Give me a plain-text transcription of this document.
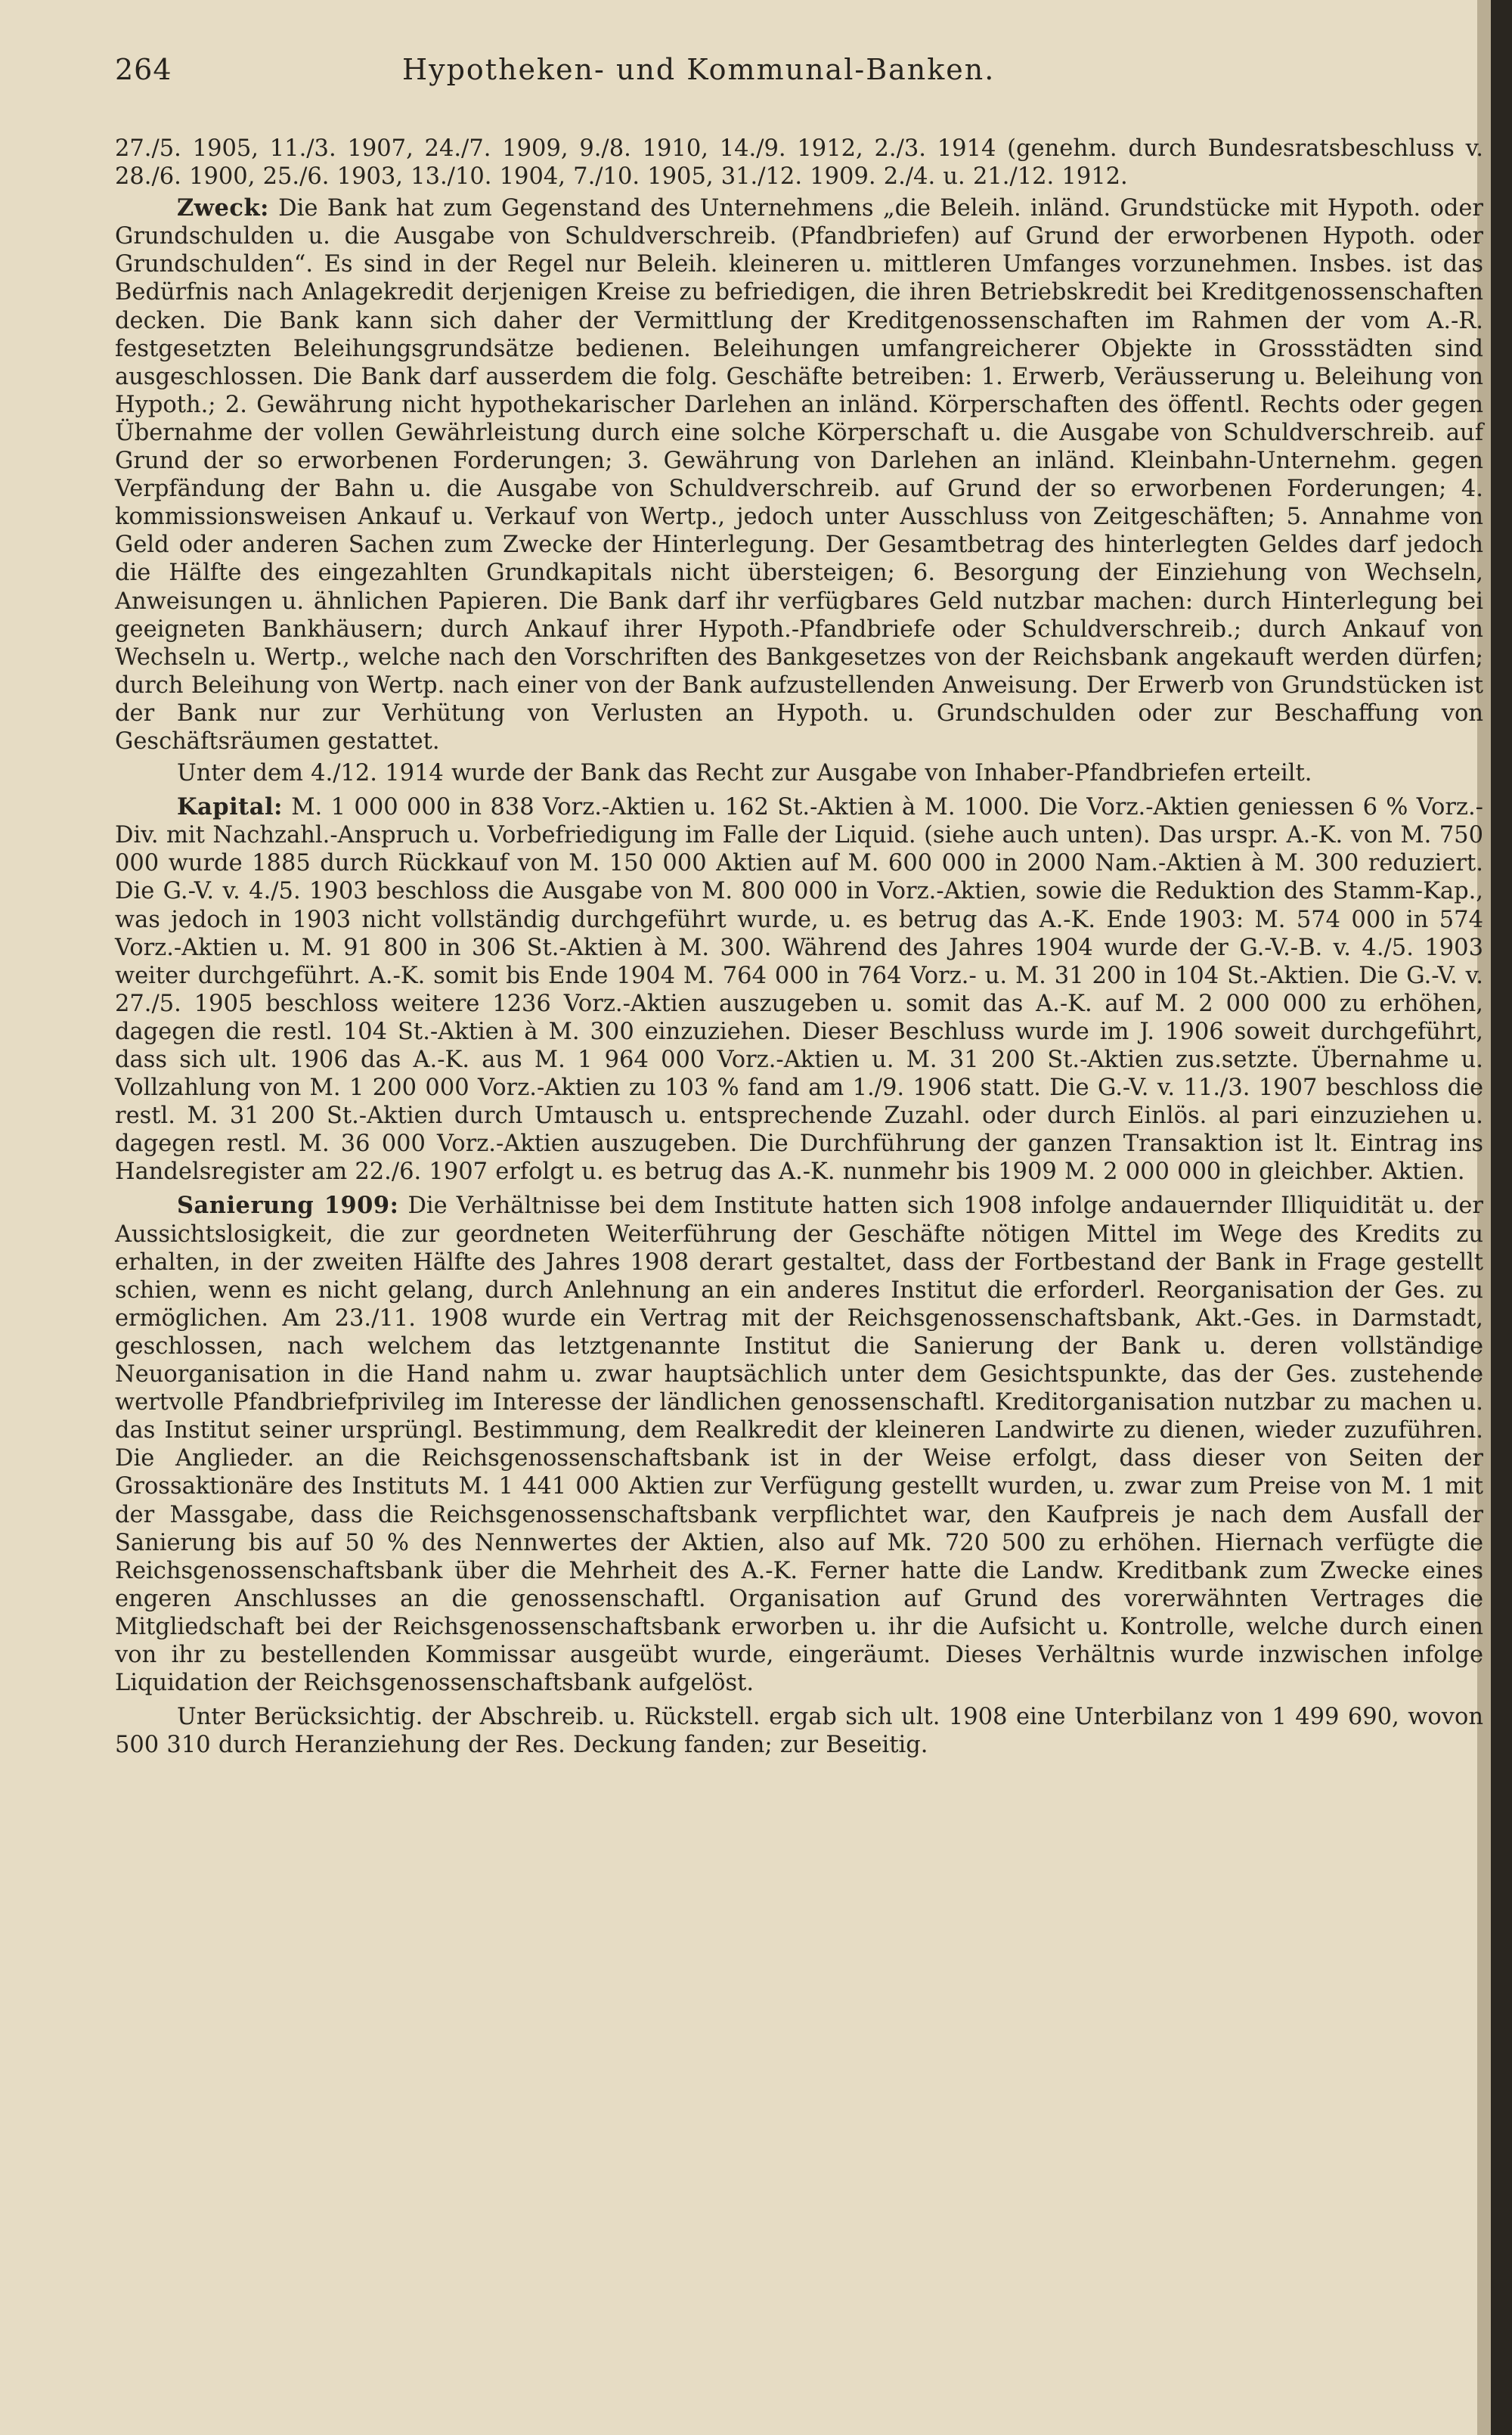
264	Hypotheken- und Kommunal-Banken.

27./5. 1905, 11./3. 1907, 24./7. 1909, 9./8. 1910, 14./9. 1912, 2./3. 1914 (genehm. durch Bundesratsbeschluss v. 28./6. 1900, 25./6. 1903, 13./10. 1904, 7./10. 1905, 31./12. 1909. 2./4. u. 21./12. 1912.

Zweck: Die Bank hat zum Gegenstand des Unternehmens „die Beleih. inländ. Grundstücke mit Hypoth. oder Grundschulden u. die Ausgabe von Schuldverschreib. (Pfandbriefen) auf Grund der erworbenen Hypoth. oder Grundschulden“. Es sind in der Regel nur Beleih. kleineren u. mittleren Umfanges vorzunehmen. Insbes. ist das Bedürfnis nach Anlagekredit derjenigen Kreise zu befriedigen, die ihren Betriebskredit bei Kreditgenossenschaften decken. Die Bank kann sich daher der Vermittlung der Kreditgenossenschaften im Rahmen der vom A.-R. festgesetzten Beleihungsgrundsätze bedienen. Beleihungen umfangreicherer Objekte in Grossstädten sind ausgeschlossen. Die Bank darf ausserdem die folg. Geschäfte betreiben: 1. Erwerb, Veräusserung u. Beleihung von Hypoth.; 2. Gewährung nicht hypothekarischer Darlehen an inländ. Körperschaften des öffentl. Rechts oder gegen Übernahme der vollen Gewährleistung durch eine solche Körperschaft u. die Ausgabe von Schuldverschreib. auf Grund der so erworbenen Forderungen; 3. Gewährung von Darlehen an inländ. Kleinbahn-Unternehm. gegen Verpfändung der Bahn u. die Ausgabe von Schuldverschreib. auf Grund der so erworbenen Forderungen; 4. kommissionsweisen Ankauf u. Verkauf von Wertp., jedoch unter Ausschluss von Zeitgeschäften; 5. Annahme von Geld oder anderen Sachen zum Zwecke der Hinterlegung. Der Gesamtbetrag des hinterlegten Geldes darf jedoch die Hälfte des eingezahlten Grundkapitals nicht übersteigen; 6. Besorgung der Einziehung von Wechseln, Anweisungen u. ähnlichen Papieren. Die Bank darf ihr verfügbares Geld nutzbar machen: durch Hinterlegung bei geeigneten Bankhäusern; durch Ankauf ihrer Hypoth.-Pfandbriefe oder Schuldverschreib.; durch Ankauf von Wechseln u. Wertp., welche nach den Vorschriften des Bankgesetzes von der Reichsbank angekauft werden dürfen; durch Beleihung von Wertp. nach einer von der Bank aufzustellenden Anweisung. Der Erwerb von Grundstücken ist der Bank nur zur Verhütung von Verlusten an Hypoth. u. Grundschulden oder zur Beschaffung von Geschäftsräumen gestattet.

Unter dem 4./12. 1914 wurde der Bank das Recht zur Ausgabe von Inhaber-Pfandbriefen erteilt.

Kapital: M. 1 000 000 in 838 Vorz.-Aktien u. 162 St.-Aktien à M. 1000. Die Vorz.-Aktien geniessen 6 % Vorz.-Div. mit Nachzahl.-Anspruch u. Vorbefriedigung im Falle der Liquid. (siehe auch unten). Das urspr. A.-K. von M. 750 000 wurde 1885 durch Rückkauf von M. 150 000 Aktien auf M. 600 000 in 2000 Nam.-Aktien à M. 300 reduziert. Die G.-V. v. 4./5. 1903 beschloss die Ausgabe von M. 800 000 in Vorz.-Aktien, sowie die Reduktion des Stamm-Kap., was jedoch in 1903 nicht vollständig durchgeführt wurde, u. es betrug das A.-K. Ende 1903: M. 574 000 in 574 Vorz.-Aktien u. M. 91 800 in 306 St.-Aktien à M. 300. Während des Jahres 1904 wurde der G.-V.-B. v. 4./5. 1903 weiter durchgeführt. A.-K. somit bis Ende 1904 M. 764 000 in 764 Vorz.- u. M. 31 200 in 104 St.-Aktien. Die G.-V. v. 27./5. 1905 beschloss weitere 1236 Vorz.-Aktien auszugeben u. somit das A.-K. auf M. 2 000 000 zu erhöhen, dagegen die restl. 104 St.-Aktien à M. 300 einzuziehen. Dieser Beschluss wurde im J. 1906 soweit durchgeführt, dass sich ult. 1906 das A.-K. aus M. 1 964 000 Vorz.-Aktien u. M. 31 200 St.-Aktien zus.setzte. Übernahme u. Vollzahlung von M. 1 200 000 Vorz.-Aktien zu 103 % fand am 1./9. 1906 statt. Die G.-V. v. 11./3. 1907 beschloss die restl. M. 31 200 St.-Aktien durch Umtausch u. entsprechende Zuzahl. oder durch Einlös. al pari einzuziehen u. dagegen restl. M. 36 000 Vorz.-Aktien auszugeben. Die Durchführung der ganzen Transaktion ist lt. Eintrag ins Handelsregister am 22./6. 1907 erfolgt u. es betrug das A.-K. nunmehr bis 1909 M. 2 000 000 in gleichber. Aktien.

Sanierung 1909: Die Verhältnisse bei dem Institute hatten sich 1908 infolge andauernder Illiquidität u. der Aussichtslosigkeit, die zur geordneten Weiterführung der Geschäfte nötigen Mittel im Wege des Kredits zu erhalten, in der zweiten Hälfte des Jahres 1908 derart gestaltet, dass der Fortbestand der Bank in Frage gestellt schien, wenn es nicht gelang, durch Anlehnung an ein anderes Institut die erforderl. Reorganisation der Ges. zu ermöglichen. Am 23./11. 1908 wurde ein Vertrag mit der Reichsgenossenschaftsbank, Akt.-Ges. in Darmstadt, geschlossen, nach welchem das letztgenannte Institut die Sanierung der Bank u. deren vollständige Neuorganisation in die Hand nahm u. zwar hauptsächlich unter dem Gesichtspunkte, das der Ges. zustehende wertvolle Pfandbriefprivileg im Interesse der ländlichen genossenschaftl. Kreditorganisation nutzbar zu machen u. das Institut seiner ursprüngl. Bestimmung, dem Realkredit der kleineren Landwirte zu dienen, wieder zuzuführen. Die Anglieder. an die Reichsgenossenschaftsbank ist in der Weise erfolgt, dass dieser von Seiten der Grossaktionäre des Instituts M. 1 441 000 Aktien zur Verfügung gestellt wurden, u. zwar zum Preise von M. 1 mit der Massgabe, dass die Reichsgenossenschaftsbank verpflichtet war, den Kaufpreis je nach dem Ausfall der Sanierung bis auf 50 % des Nennwertes der Aktien, also auf Mk. 720 500 zu erhöhen. Hiernach verfügte die Reichsgenossenschaftsbank über die Mehrheit des A.-K. Ferner hatte die Landw. Kreditbank zum Zwecke eines engeren Anschlusses an die genossenschaftl. Organisation auf Grund des vorerwähnten Vertrages die Mitgliedschaft bei der Reichsgenossenschaftsbank erworben u. ihr die Aufsicht u. Kontrolle, welche durch einen von ihr zu bestellenden Kommissar ausgeübt wurde, eingeräumt. Dieses Verhältnis wurde inzwischen infolge Liquidation der Reichsgenossenschaftsbank aufgelöst.

Unter Berücksichtig. der Abschreib. u. Rückstell. ergab sich ult. 1908 eine Unterbilanz von 1 499 690, wovon 500 310 durch Heranziehung der Res. Deckung fanden; zur Beseitig.
